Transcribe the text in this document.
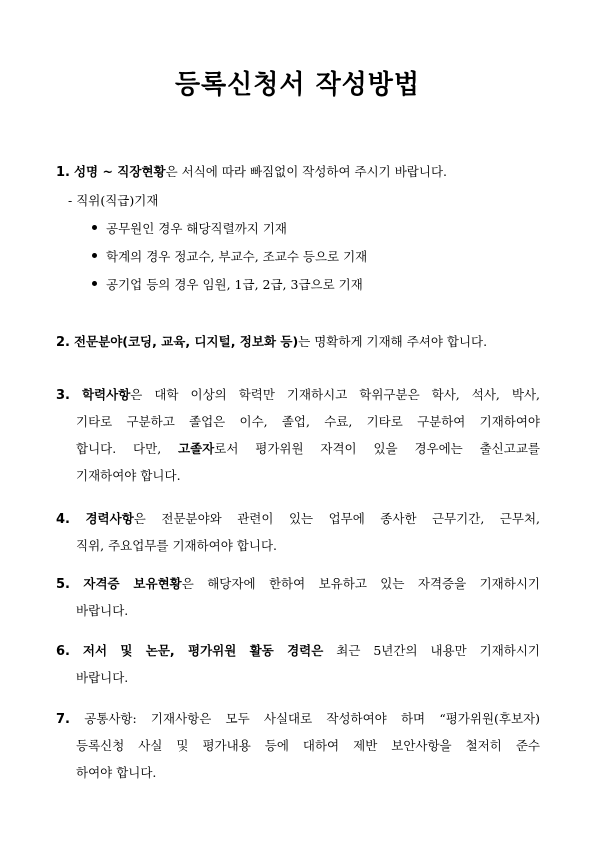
등록신청서 작성방법
1. 성명 ~ 직장현황은 서식에 따라 빠짐없이 작성하여 주시기 바랍니다.
- 직위(직급)기재
공무원인 경우 해당직렬까지 기재
학계의 경우 정교수, 부교수, 조교수 등으로 기재
공기업 등의 경우 임원, 1급, 2급, 3급으로 기재
2. 전문분야(코딩, 교육, 디지털, 정보화 등)는 명확하게 기재해 주셔야 합니다.
3. 학력사항은 대학 이상의 학력만 기재하시고 학위구분은 학사, 석사, 박사,
기타로 구분하고 졸업은 이수, 졸업, 수료, 기타로 구분하여 기재하여야
합니다. 다만, 고졸자로서 평가위원 자격이 있을 경우에는 출신고교를
기재하여야 합니다.
4. 경력사항은 전문분야와 관련이 있는 업무에 종사한 근무기간, 근무처,
직위, 주요업무를 기재하여야 합니다.
5. 자격증 보유현황은 해당자에 한하여 보유하고 있는 자격증을 기재하시기
바랍니다.
6. 저서 및 논문, 평가위원 활동 경력은 최근 5년간의 내용만 기재하시기
바랍니다.
7. 공통사항: 기재사항은 모두 사실대로 작성하여야 하며 “평가위원(후보자)
등록신청 사실 및 평가내용 등에 대하여 제반 보안사항을 철저히 준수
하여야 합니다.
